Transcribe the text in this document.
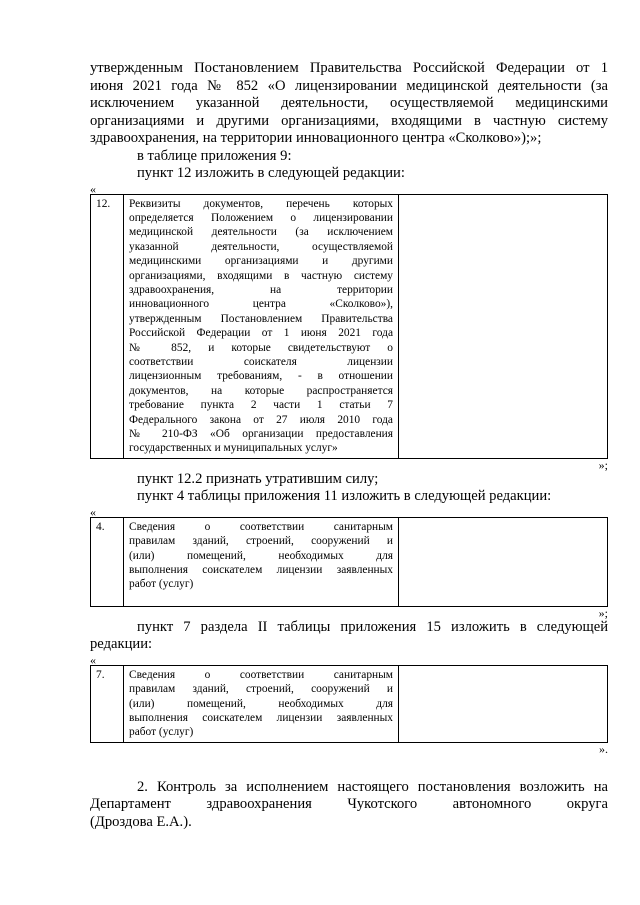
утвержденным Постановлением Правительства Российской Федерации от 1

июня 2021 года № 852 «О лицензировании медицинской деятельности (за

исключением указанной деятельности, осуществляемой медицинскими

организациями и другими организациями, входящими в частную систему

здравоохранения, на территории инновационного центра «Сколково»);»;

в таблице приложения 9:

пункт 12 изложить в следующей редакции:

«

12.	Реквизиты документов, перечень которых
определяется Положением о лицензировании
медицинской деятельности (за исключением
указанной деятельности, осуществляемой
медицинскими организациями и другими
организациями, входящими в частную систему
здравоохранения, на территории
инновационного центра «Сколково»),
утвержденным Постановлением Правительства
Российской Федерации от 1 июня 2021 года
№ 852, и которые свидетельствуют о
соответствии соискателя лицензии
лицензионным требованиям, - в отношении
документов, на которые распространяется
требование пункта 2 части 1 статьи 7
Федерального закона от 27 июля 2010 года
№ 210-ФЗ «Об организации предоставления
государственных и муниципальных услуг»

»;

пункт 12.2 признать утратившим силу;

пункт 4 таблицы приложения 11 изложить в следующей редакции:

«

4.	Сведения о соответствии санитарным
правилам зданий, строений, сооружений и
(или) помещений, необходимых для
выполнения соискателем лицензии заявленных
работ (услуг)

»;

пункт 7 раздела II таблицы приложения 15 изложить в следующей

редакции:

«

7.	Сведения о соответствии санитарным
правилам зданий, строений, сооружений и
(или) помещений, необходимых для
выполнения соискателем лицензии заявленных
работ (услуг)

».

2. Контроль за исполнением настоящего постановления возложить на

Департамент здравоохранения Чукотского автономного округа

(Дроздова Е.А.).
